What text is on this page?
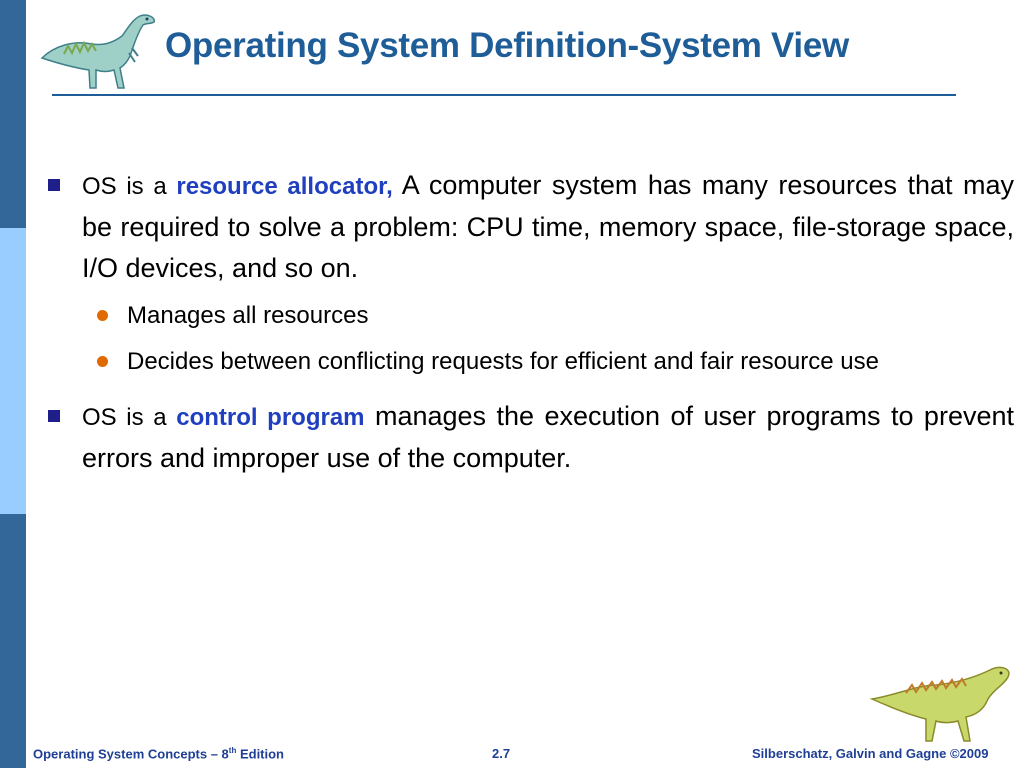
Operating System Definition-System View
OS is a resource allocator, A computer system has many resources that may be required to solve a problem: CPU time, memory space, file-storage space, I/O devices, and so on.
Manages all resources
Decides between conflicting requests for efficient and fair resource use
OS is a control program manages the execution of user programs to prevent errors and improper use of the computer.
Operating System Concepts – 8th Edition	2.7	Silberschatz, Galvin and Gagne ©2009
